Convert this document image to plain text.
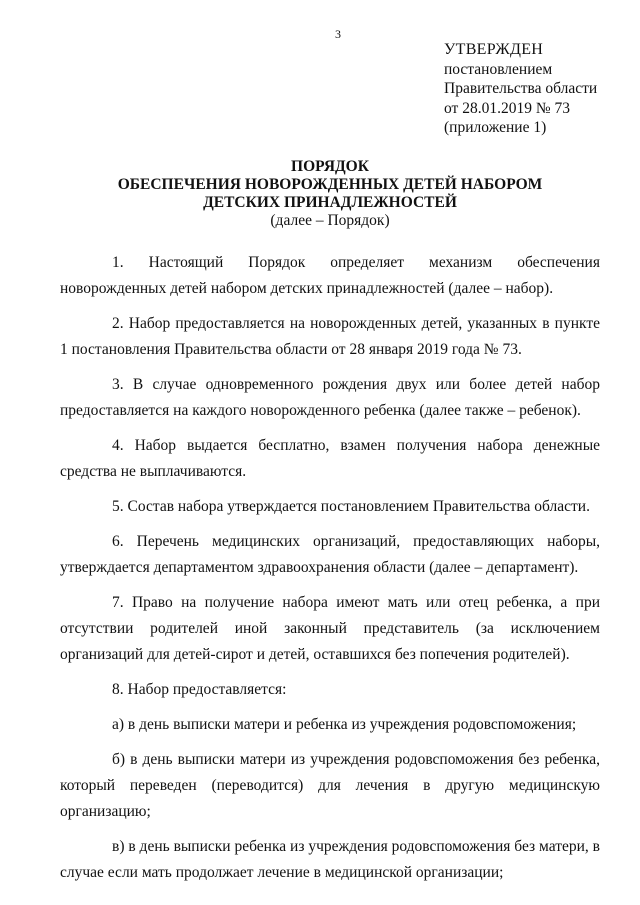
3
УТВЕРЖДЕН
постановлением
Правительства области
от 28.01.2019 № 73
(приложение 1)
ПОРЯДОК
ОБЕСПЕЧЕНИЯ НОВОРОЖДЕННЫХ ДЕТЕЙ НАБОРОМ
ДЕТСКИХ ПРИНАДЛЕЖНОСТЕЙ
(далее – Порядок)

1. Настоящий Порядок определяет механизм обеспечения новорожденных детей набором детских принадлежностей (далее – набор).

2. Набор предоставляется на новорожденных детей, указанных в пункте 1 постановления Правительства области от 28 января 2019 года № 73.

3. В случае одновременного рождения двух или более детей набор предоставляется на каждого новорожденного ребенка (далее также – ребенок).

4. Набор выдается бесплатно, взамен получения набора денежные средства не выплачиваются.

5. Состав набора утверждается постановлением Правительства области.

6. Перечень медицинских организаций, предоставляющих наборы, утверждается департаментом здравоохранения области (далее – департамент).

7. Право на получение набора имеют мать или отец ребенка, а при отсутствии родителей иной законный представитель (за исключением организаций для детей-сирот и детей, оставшихся без попечения родителей).

8. Набор предоставляется:

а) в день выписки матери и ребенка из учреждения родовспоможения;

б) в день выписки матери из учреждения родовспоможения без ребенка, который переведен (переводится) для лечения в другую медицинскую организацию;

в) в день выписки ребенка из учреждения родовспоможения без матери, в случае если мать продолжает лечение в медицинской организации;
